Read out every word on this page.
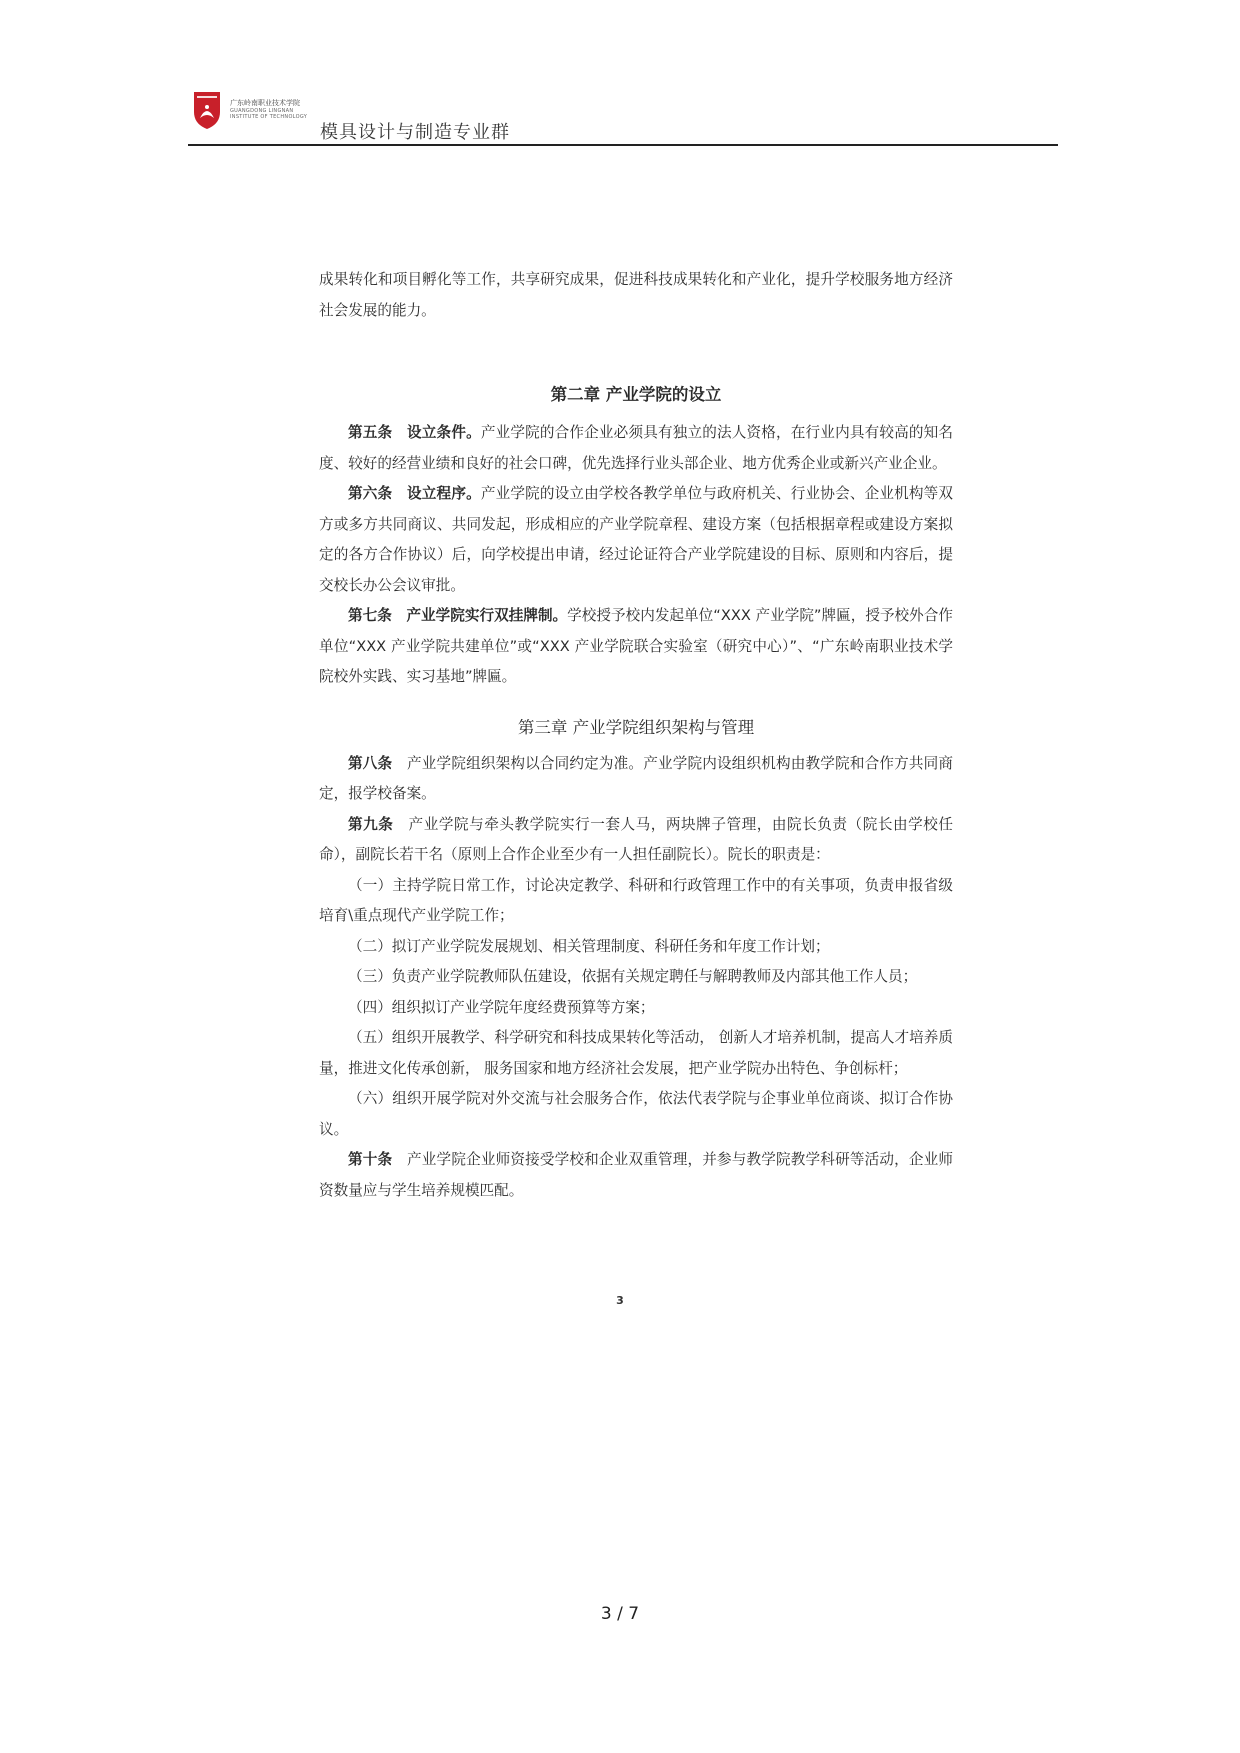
广东岭南职业技术学院
GUANGDONG LINGNAN
INSTITUTE OF TECHNOLOGY
模具设计与制造专业群

成果转化和项目孵化等工作，共享研究成果，促进科技成果转化和产业化，提升学校服务地方经济社会发展的能力。

第二章 产业学院的设立

第五条　设立条件。产业学院的合作企业必须具有独立的法人资格，在行业内具有较高的知名度、较好的经营业绩和良好的社会口碑，优先选择行业头部企业、地方优秀企业或新兴产业企业。

第六条　设立程序。产业学院的设立由学校各教学单位与政府机关、行业协会、企业机构等双方或多方共同商议、共同发起，形成相应的产业学院章程、建设方案（包括根据章程或建设方案拟定的各方合作协议）后，向学校提出申请，经过论证符合产业学院建设的目标、原则和内容后，提交校长办公会议审批。

第七条　产业学院实行双挂牌制。学校授予校内发起单位“XXX 产业学院”牌匾，授予校外合作单位“XXX 产业学院共建单位”或“XXX 产业学院联合实验室（研究中心）”、“广东岭南职业技术学院校外实践、实习基地”牌匾。

第三章 产业学院组织架构与管理

第八条　产业学院组织架构以合同约定为准。产业学院内设组织机构由教学院和合作方共同商定，报学校备案。

第九条　产业学院与牵头教学院实行一套人马，两块牌子管理，由院长负责（院长由学校任命），副院长若干名（原则上合作企业至少有一人担任副院长）。院长的职责是：

（一）主持学院日常工作，讨论决定教学、科研和行政管理工作中的有关事项，负责申报省级培育\重点现代产业学院工作；

（二）拟订产业学院发展规划、相关管理制度、科研任务和年度工作计划；

（三）负责产业学院教师队伍建设，依据有关规定聘任与解聘教师及内部其他工作人员；

（四）组织拟订产业学院年度经费预算等方案；

（五）组织开展教学、科学研究和科技成果转化等活动， 创新人才培养机制，提高人才培养质量，推进文化传承创新， 服务国家和地方经济社会发展，把产业学院办出特色、争创标杆；

（六）组织开展学院对外交流与社会服务合作，依法代表学院与企事业单位商谈、拟订合作协议。

第十条　产业学院企业师资接受学校和企业双重管理，并参与教学院教学科研等活动，企业师资数量应与学生培养规模匹配。

3
3 / 7
